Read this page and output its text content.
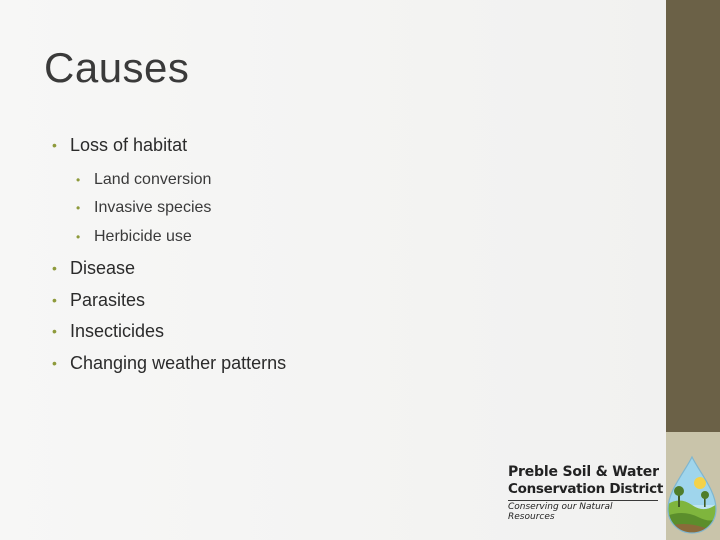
Causes
• Loss of habitat
• Land conversion
• Invasive species
• Herbicide use
• Disease
• Parasites
• Insecticides
• Changing weather patterns
Preble Soil & Water
Conservation District
Conserving our Natural Resources
